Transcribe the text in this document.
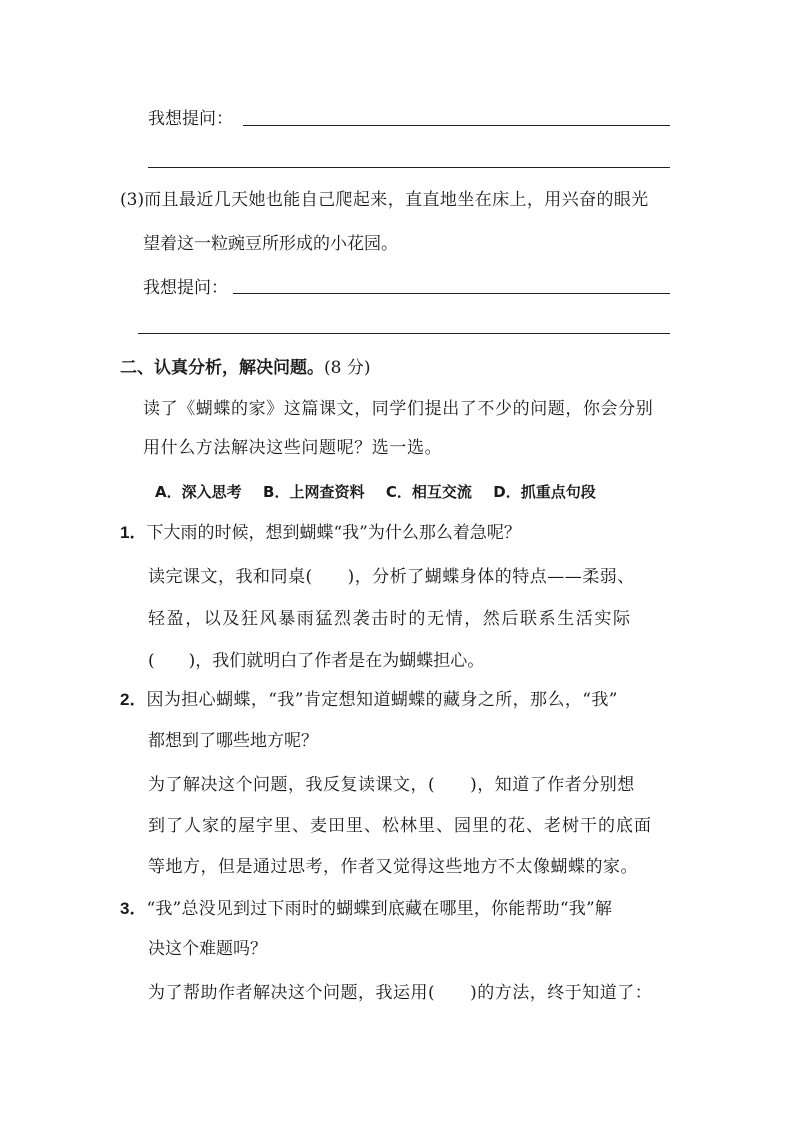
我想提问：
(3)而且最近几天她也能自己爬起来，直直地坐在床上，用兴奋的眼光
望着这一粒豌豆所形成的小花园。
我想提问：
二、认真分析，解决问题。(8 分)
读了《蝴蝶的家》这篇课文，同学们提出了不少的问题，你会分别
用什么方法解决这些问题呢？选一选。
A．深入思考 B．上网查资料 C．相互交流 D．抓重点句段
1．下大雨的时候，想到蝴蝶“我”为什么那么着急呢？
读完课文，我和同桌(　　)，分析了蝴蝶身体的特点——柔弱、
轻盈，以及狂风暴雨猛烈袭击时的无情，然后联系生活实际
(　　)，我们就明白了作者是在为蝴蝶担心。
2．因为担心蝴蝶，“我”肯定想知道蝴蝶的藏身之所，那么，“我”
都想到了哪些地方呢？
为了解决这个问题，我反复读课文，(　　)，知道了作者分别想
到了人家的屋宇里、麦田里、松林里、园里的花、老树干的底面
等地方，但是通过思考，作者又觉得这些地方不太像蝴蝶的家。
3．“我”总没见到过下雨时的蝴蝶到底藏在哪里，你能帮助“我”解
决这个难题吗？
为了帮助作者解决这个问题，我运用(　　)的方法，终于知道了：
